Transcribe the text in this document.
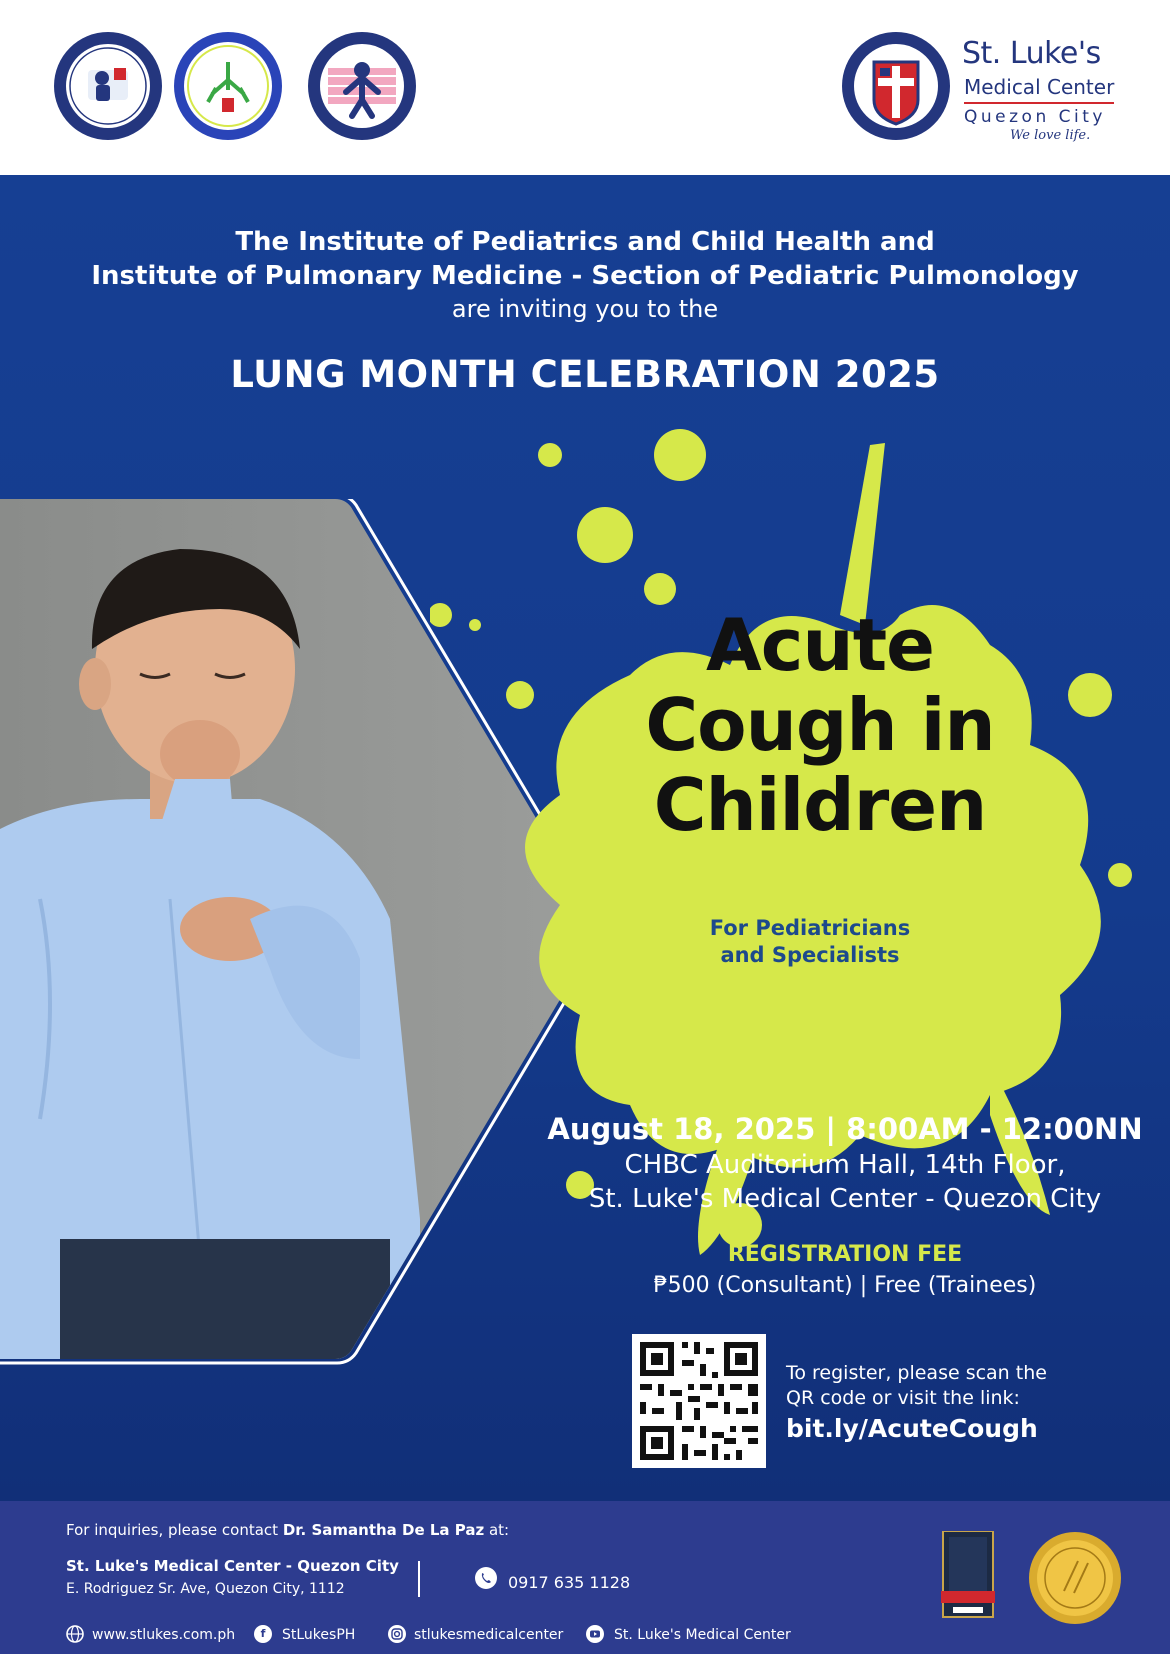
St. Luke's
Medical Center
Quezon City
We love life.
The Institute of Pediatrics and Child Health and
Institute of Pulmonary Medicine - Section of Pediatric Pulmonology
are inviting you to the
LUNG MONTH CELEBRATION 2025
Acute
Cough in
Children
For Pediatricians
and Specialists
August 18, 2025 | 8:00AM - 12:00NN
CHBC Auditorium Hall, 14th Floor,
St. Luke's Medical Center - Quezon City
REGISTRATION FEE
₱500 (Consultant) | Free (Trainees)
To register, please scan the
QR code or visit the link:
bit.ly/AcuteCough
For inquiries, please contact Dr. Samantha De La Paz at:
St. Luke's Medical Center - Quezon City
E. Rodriguez Sr. Ave, Quezon City, 1112	0917 635 1128
www.stlukes.com.ph	f	StLukesPH	stlukesmedicalcenter	St. Luke's Medical Center
